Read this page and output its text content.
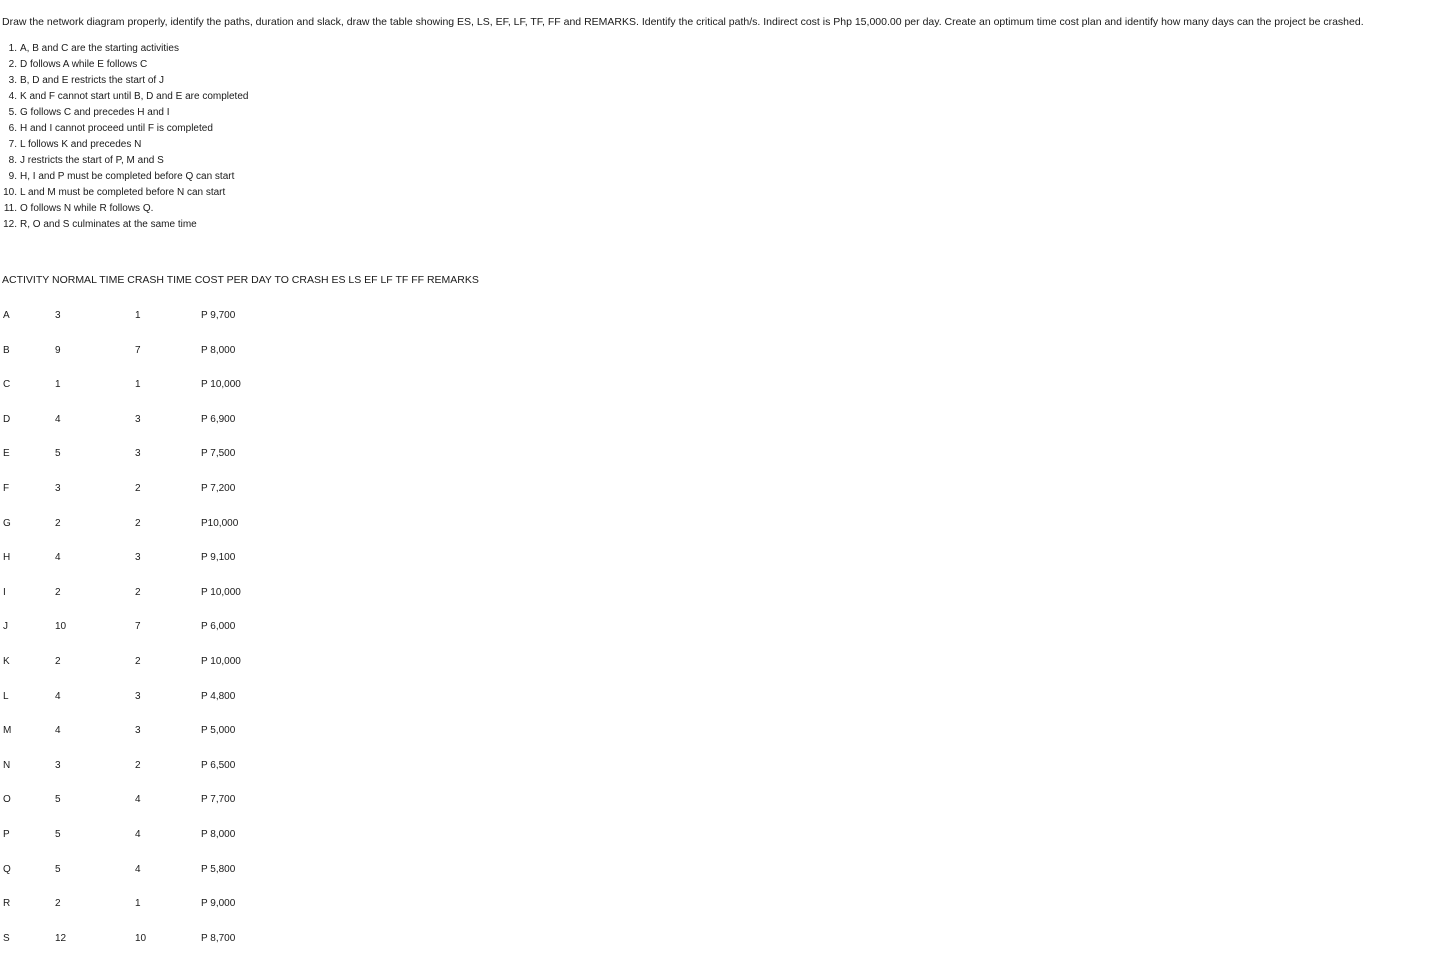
Draw the network diagram properly, identify the paths, duration and slack, draw the table showing ES, LS, EF, LF, TF, FF and REMARKS. Identify the critical path/s. Indirect cost is Php 15,000.00 per day. Create an optimum time cost plan and identify how many days can the project be crashed.
1. A, B and C are the starting activities
2. D follows A while E follows C
3. B, D and E restricts the start of J
4. K and F cannot start until B, D and E are completed
5. G follows C and precedes H and I
6. H and I cannot proceed until F is completed
7. L follows K and precedes N
8. J restricts the start of P, M and S
9. H, I and P must be completed before Q can start
10. L and M must be completed before N can start
11. O follows N while R follows Q.
12. R, O and S culminates at the same time
ACTIVITY NORMAL TIME CRASH TIME COST PER DAY TO CRASH ES LS EF LF TF FF REMARKS
A	3	1	P 9,700
B	9	7	P 8,000
C	1	1	P 10,000
D	4	3	P 6,900
E	5	3	P 7,500
F	3	2	P 7,200
G	2	2	P10,000
H	4	3	P 9,100
I	2	2	P 10,000
J	10	7	P 6,000
K	2	2	P 10,000
L	4	3	P 4,800
M	4	3	P 5,000
N	3	2	P 6,500
O	5	4	P 7,700
P	5	4	P 8,000
Q	5	4	P 5,800
R	2	1	P 9,000
S	12	10	P 8,700
